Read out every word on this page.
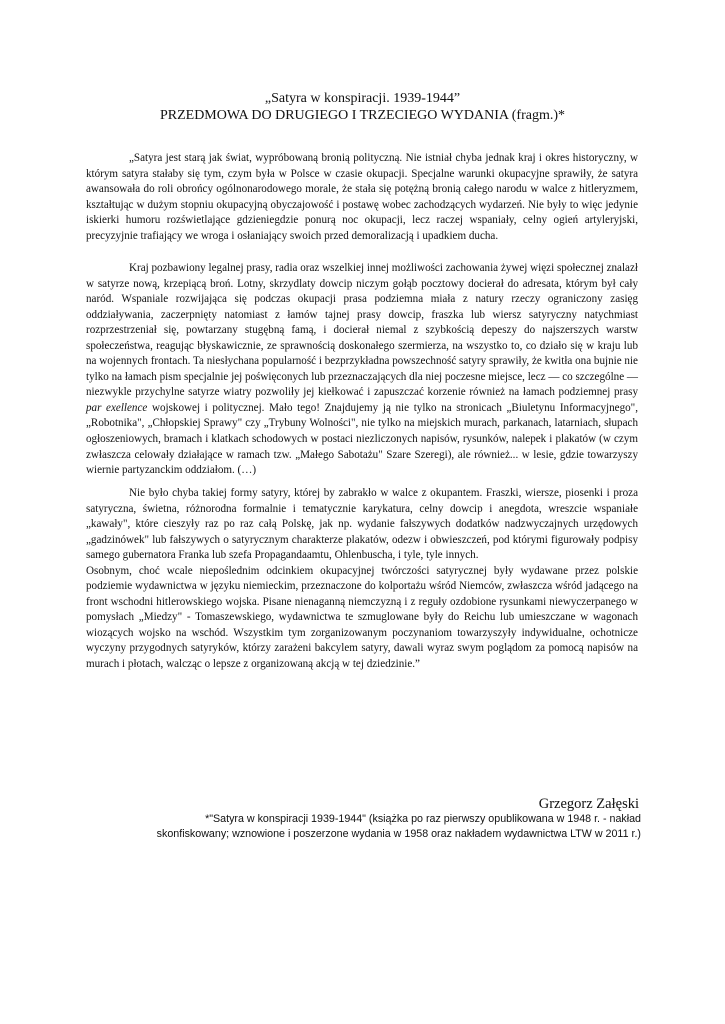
„Satyra w konspiracji. 1939-1944”
PRZEDMOWA DO DRUGIEGO I TRZECIEGO WYDANIA (fragm.)*

„Satyra jest starą jak świat, wypróbowaną bronią polityczną. Nie istniał chyba jednak kraj i okres historyczny, w którym satyra stałaby się tym, czym była w Polsce w czasie okupacji. Specjalne warunki okupacyjne sprawiły, że satyra awansowała do roli obrońcy ogólnonarodowego morale, że stała się potężną bronią całego narodu w walce z hitleryzmem, kształtując w dużym stopniu okupacyjną obyczajowość i postawę wobec zachodzących wydarzeń. Nie były to więc jedynie iskierki humoru rozświetlające gdzieniegdzie ponurą noc okupacji, lecz raczej wspaniały, celny ogień artyleryjski, precyzyjnie trafiający we wroga i osłaniający swoich przed demoralizacją i upadkiem ducha.

Kraj pozbawiony legalnej prasy, radia oraz wszelkiej innej możliwości zachowania żywej więzi społecznej znalazł w satyrze nową, krzepiącą broń. Lotny, skrzydlaty dowcip niczym gołąb pocztowy docierał do adresata, którym był cały naród. Wspaniale rozwijająca się podczas okupacji prasa podziemna miała z natury rzeczy ograniczony zasięg oddziaływania, zaczerpnięty natomiast z łamów tajnej prasy dowcip, fraszka lub wiersz satyryczny natychmiast rozprzestrzeniał się, powtarzany stugębną famą, i docierał niemal z szybkością depeszy do najszerszych warstw społeczeństwa, reagując błyskawicznie, ze sprawnością doskonałego szermierza, na wszystko to, co działo się w kraju lub na wojennych frontach. Ta niesłychana popularność i bezprzykładna powszechność satyry sprawiły, że kwitła ona bujnie nie tylko na łamach pism specjalnie jej poświęconych lub przeznaczających dla niej poczesne miejsce, lecz — co szczególne — niezwykle przychylne satyrze wiatry pozwoliły jej kiełkować i zapuszczać korzenie również na łamach podziemnej prasy par exellence wojskowej i politycznej. Mało tego! Znajdujemy ją nie tylko na stronicach „Biuletynu Informacyjnego", „Robotnika", „Chłopskiej Sprawy" czy „Trybuny Wolności", nie tylko na miejskich murach, parkanach, latarniach, słupach ogłoszeniowych, bramach i klatkach schodowych w postaci niezliczonych napisów, rysunków, nalepek i plakatów (w czym zwłaszcza celowały działające w ramach tzw. „Małego Sabotażu" Szare Szeregi), ale również... w lesie, gdzie towarzyszy wiernie partyzanckim oddziałom. (…)

Nie było chyba takiej formy satyry, której by zabrakło w walce z okupantem. Fraszki, wiersze, piosenki i proza satyryczna, świetna, różnorodna formalnie i tematycznie karykatura, celny dowcip i anegdota, wreszcie wspaniałe „kawały", które cieszyły raz po raz całą Polskę, jak np. wydanie fałszywych dodatków nadzwyczajnych urzędowych „gadzinówek" lub fałszywych o satyrycznym charakterze plakatów, odezw i obwieszczeń, pod którymi figurowały podpisy samego gubernatora Franka lub szefa Propagandaamtu, Ohlenbuscha, i tyle, tyle innych.

Osobnym, choć wcale niepoślednim odcinkiem okupacyjnej twórczości satyrycznej były wydawane przez polskie podziemie wydawnictwa w języku niemieckim, przeznaczone do kolportażu wśród Niemców, zwłaszcza wśród jadącego na front wschodni hitlerowskiego wojska. Pisane nienaganną niemczyzną i z reguły ozdobione rysunkami niewyczerpanego w pomysłach „Miedzy" - Tomaszewskiego, wydawnictwa te szmuglowane były do Reichu lub umieszczane w wagonach wiozących wojsko na wschód. Wszystkim tym zorganizowanym poczynaniom towarzyszyły indywidualne, ochotnicze wyczyny przygodnych satyryków, którzy zarażeni bakcylem satyry, dawali wyraz swym poglądom za pomocą napisów na murach i płotach, walcząc o lepsze z organizowaną akcją w tej dziedzinie.”

Grzegorz Załęski
*"Satyra w konspiracji 1939-1944" (książka po raz pierwszy opublikowana w 1948 r. - nakład
skonfiskowany; wznowione i poszerzone wydania w 1958 oraz nakładem wydawnictwa LTW w 2011 r.)
